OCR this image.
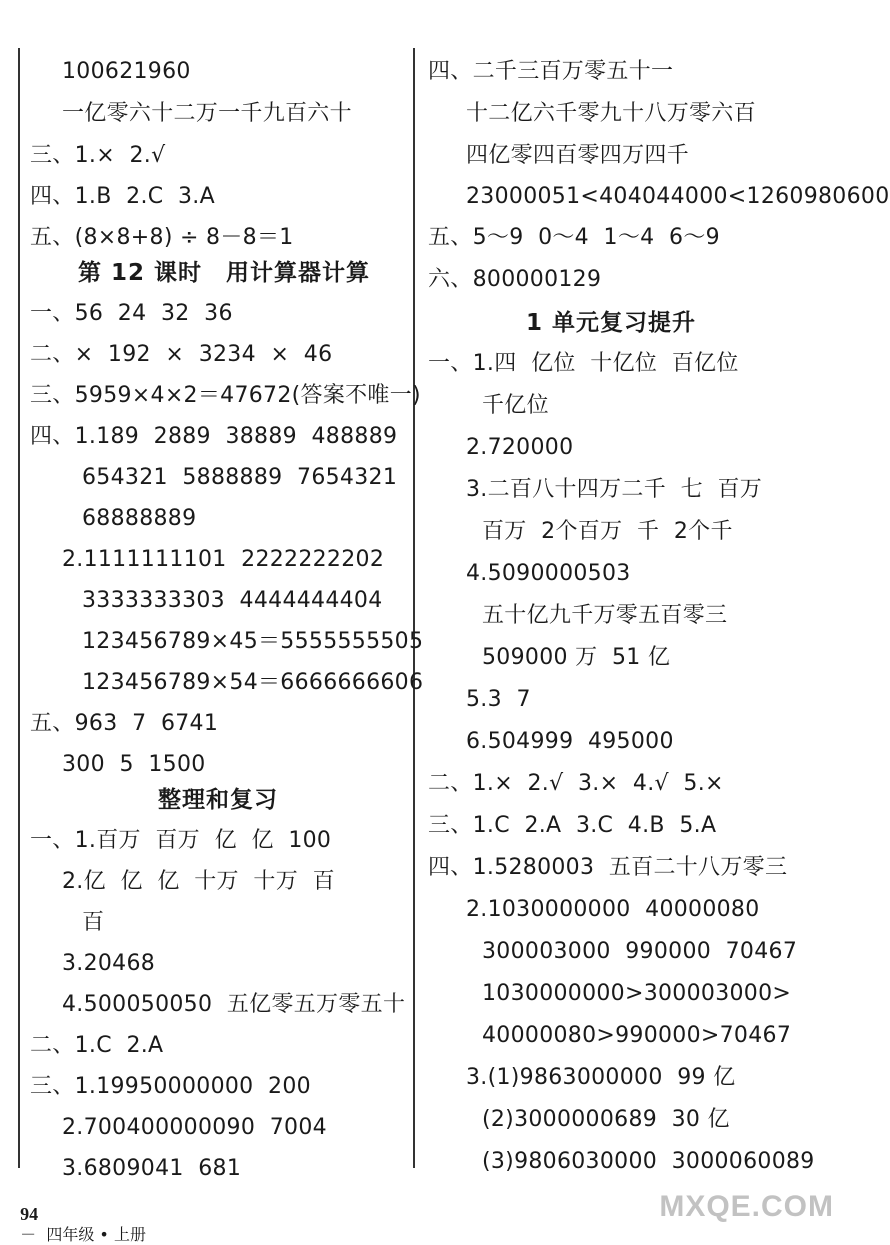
100621960
一亿零六十二万一千九百六十
三、1.×  2.√
四、1.B  2.C  3.A
五、(8×8+8) ÷ 8－8＝1
第 12 课时　用计算器计算
一、56  24  32  36
二、×  192  ×  3234  ×  46
三、5959×4×2＝47672(答案不唯一)
四、1.189  2889  38889  488889
654321  5888889  7654321
68888889
2.1111111101  2222222202
3333333303  4444444404
123456789×45＝5555555505
123456789×54＝6666666606
五、963  7  6741
300  5  1500
整理和复习
一、1.百万  百万  亿  亿  100
2.亿  亿  亿  十万  十万  百
百
3.20468
4.500050050  五亿零五万零五十
二、1.C  2.A
三、1.19950000000  200
2.700400000090  7004
3.6809041  681
四、二千三百万零五十一
十二亿六千零九十八万零六百
四亿零四百零四万四千
23000051<404044000<1260980600
五、5～9  0～4  1～4  6～9
六、800000129
1 单元复习提升
一、1.四  亿位  十亿位  百亿位
千亿位
2.720000
3.二百八十四万二千  七  百万
百万  2个百万  千  2个千
4.5090000503
五十亿九千万零五百零三
509000 万  51 亿
5.3  7
6.504999  495000
二、1.×  2.√  3.×  4.√  5.×
三、1.C  2.A  3.C  4.B  5.A
四、1.5280003  五百二十八万零三
2.1030000000  40000080
300003000  990000  70467
1030000000>300003000>
40000080>990000>70467
3.(1)9863000000  99 亿
(2)3000000689  30 亿
(3)9806030000  3000060089

94
－  四年级 • 上册

MXQE.COM
